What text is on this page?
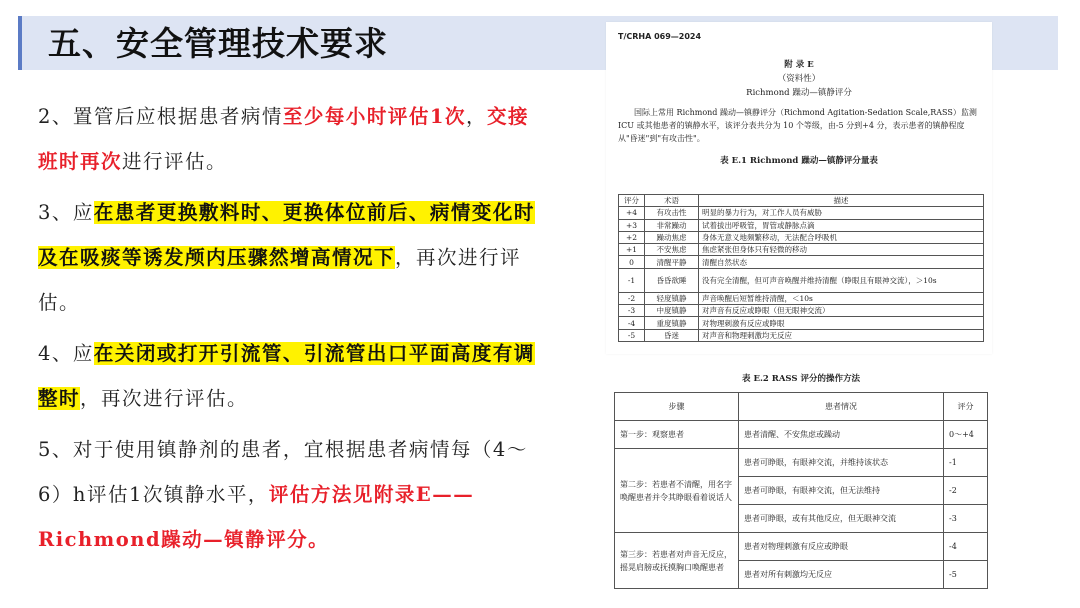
五、安全管理技术要求

2、置管后应根据患者病情至少每小时评估1次，交接班时再次进行评估。

3、应在患者更换敷料时、更换体位前后、病情变化时及在吸痰等诱发颅内压骤然增高情况下，再次进行评估。

4、应在关闭或打开引流管、引流管出口平面高度有调整时，再次进行评估。

5、对于使用镇静剂的患者，宜根据患者病情每（4～6）h评估1次镇静水平，评估方法见附录E——Richmond躁动—镇静评分。

T/CRHA 069—2024
附 录 E
（资料性）
Richmond 躁动—镇静评分
国际上常用 Richmond 躁动—镇静评分（Richmond Agitation-Sedation Scale,RASS）监测ICU 或其他患者的镇静水平，该评分表共分为 10 个等级，由-5 分到+4 分，表示患者的镇静程度从"昏迷"到"有攻击性"。
表 E.1 Richmond 躁动—镇静评分量表
评分	术语	描述
+4	有攻击性	明显的暴力行为，对工作人员有威胁
+3	非常躁动	试着拔出呼吸管，胃管或静脉点滴
+2	躁动焦虑	身体无意义地频繁移动，无法配合呼吸机
+1	不安焦虑	焦虑紧张但身体只有轻微的移动
0	清醒平静	清醒自然状态
-1	昏昏欲睡	没有完全清醒，但可声音唤醒并维持清醒（睁眼且有眼神交流），＞10s
-2	轻度镇静	声音唤醒后短暂维持清醒，＜10s
-3	中度镇静	对声音有反应或睁眼（但无眼神交流）
-4	重度镇静	对物理刺激有反应或睁眼
-5	昏迷	对声音和物理刺激均无反应
表 E.2 RASS 评分的操作方法
步骤	患者情况	评分
第一步：观察患者	患者清醒、不安焦虑或躁动	0～+4
第二步：若患者不清醒，用名字唤醒患者并令其睁眼看着说话人	患者可睁眼，有眼神交流，并维持该状态	-1
	患者可睁眼，有眼神交流，但无法维持	-2
	患者可睁眼，或有其他反应，但无眼神交流	-3
第三步：若患者对声音无反应，摇晃肩膀或抚摸胸口唤醒患者	患者对物理刺激有反应或睁眼	-4
	患者对所有刺激均无反应	-5
